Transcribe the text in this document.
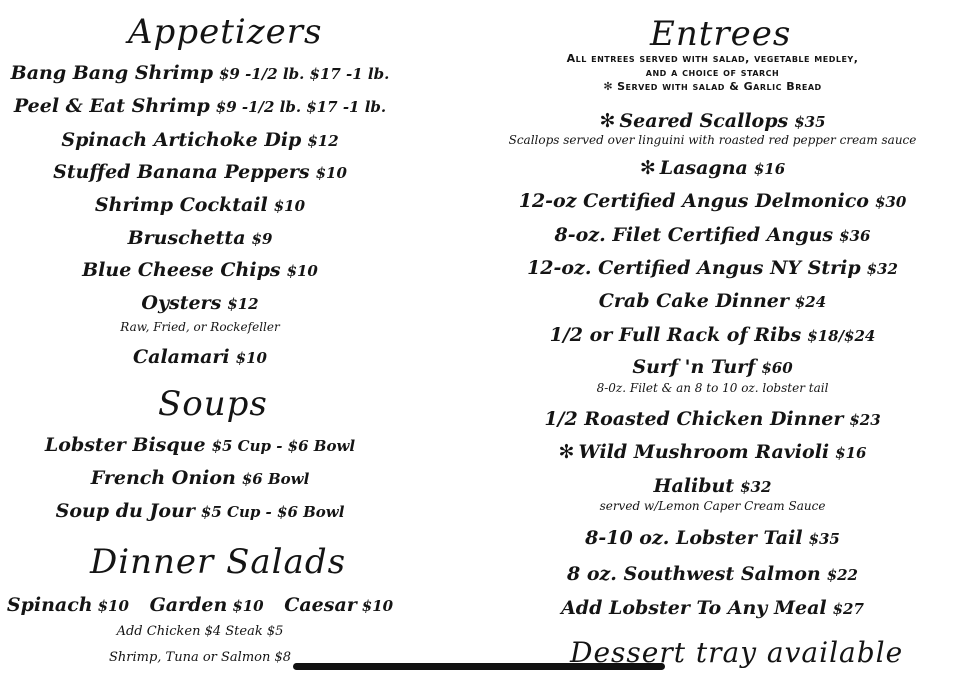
Appetizers
Bang Bang Shrimp $9 -1/2 lb. $17 -1 lb.
Peel & Eat Shrimp $9 -1/2 lb. $17 -1 lb.
Spinach Artichoke Dip $12
Stuffed Banana Peppers $10
Shrimp Cocktail $10
Bruschetta $9
Blue Cheese Chips $10
Oysters $12
Raw, Fried, or Rockefeller
Calamari $10
Soups
Lobster Bisque $5 Cup - $6 Bowl
French Onion $6 Bowl
Soup du Jour $5 Cup - $6 Bowl
Dinner Salads
Spinach $10 Garden $10 Caesar $10
Add Chicken $4 Steak $5
Shrimp, Tuna or Salmon $8
Entrees
All entrees served with salad, vegetable medley,
and a choice of starch
✻ Served with salad & Garlic Bread
✻ Seared Scallops $35
Scallops served over linguini with roasted red pepper cream sauce
✻ Lasagna $16
12-oz Certified Angus Delmonico $30
8-oz. Filet Certified Angus $36
12-oz. Certified Angus NY Strip $32
Crab Cake Dinner $24
1/2 or Full Rack of Ribs $18/$24
Surf 'n Turf $60
8-0z. Filet & an 8 to 10 oz. lobster tail
1/2 Roasted Chicken Dinner $23
✻ Wild Mushroom Ravioli $16
Halibut $32
served w/Lemon Caper Cream Sauce
8-10 oz. Lobster Tail $35
8 oz. Southwest Salmon $22
Add Lobster To Any Meal $27
Dessert tray available
